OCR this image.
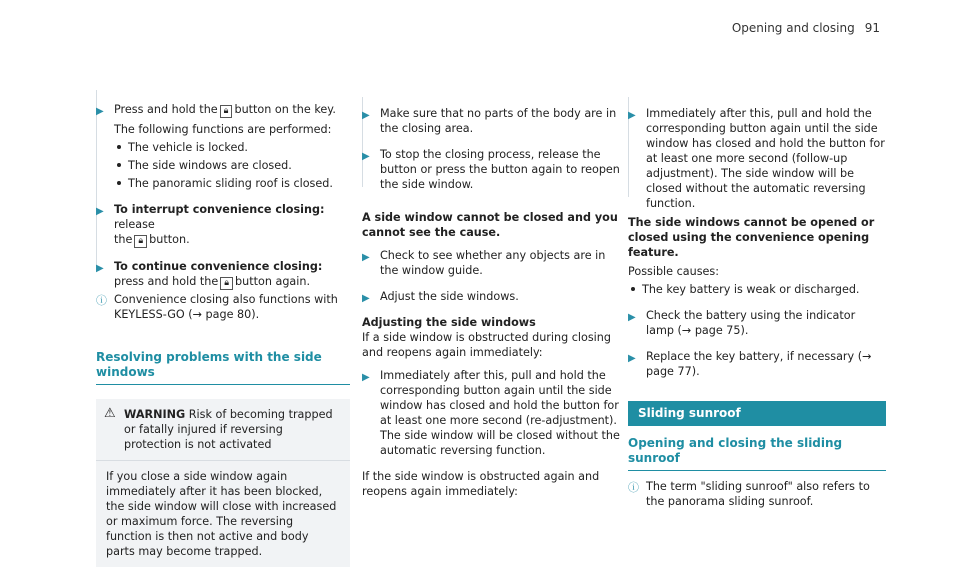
Opening and closing 91
▶ Press and hold the 🔒︎ button on the key.
The following functions are performed:
The vehicle is locked.
The side windows are closed.
The panoramic sliding roof is closed.
▶ To interrupt convenience closing: release
the 🔒︎ button.
▶ To continue convenience closing: press and hold the 🔒︎ button again.
ⓘ Convenience closing also functions with KEYLESS-GO (→ page 80).
Resolving problems with the side windows
⚠ WARNING Risk of becoming trapped or fatally injured if reversing protection is not activated
If you close a side window again immediately after it has been blocked, the side window will close with increased or maximum force. The reversing function is then not active and body parts may become trapped.
▶ Make sure that no parts of the body are in the closing area.
▶ To stop the closing process, release the button or press the button again to reopen the side window.
A side window cannot be closed and you cannot see the cause.
▶ Check to see whether any objects are in the window guide.
▶ Adjust the side windows.
Adjusting the side windows
If a side window is obstructed during closing and reopens again immediately:
▶ Immediately after this, pull and hold the corresponding button again until the side window has closed and hold the button for at least one more second (re-adjustment). The side window will be closed without the automatic reversing function.
If the side window is obstructed again and reopens again immediately:
▶ Immediately after this, pull and hold the corresponding button again until the side window has closed and hold the button for at least one more second (follow-up adjustment). The side window will be closed without the automatic reversing function.
The side windows cannot be opened or closed using the convenience opening feature.
Possible causes:
The key battery is weak or discharged.
▶ Check the battery using the indicator lamp (→ page 75).
▶ Replace the key battery, if necessary (→ page 77).
Sliding sunroof
Opening and closing the sliding sunroof
ⓘ The term "sliding sunroof" also refers to the panorama sliding sunroof.
